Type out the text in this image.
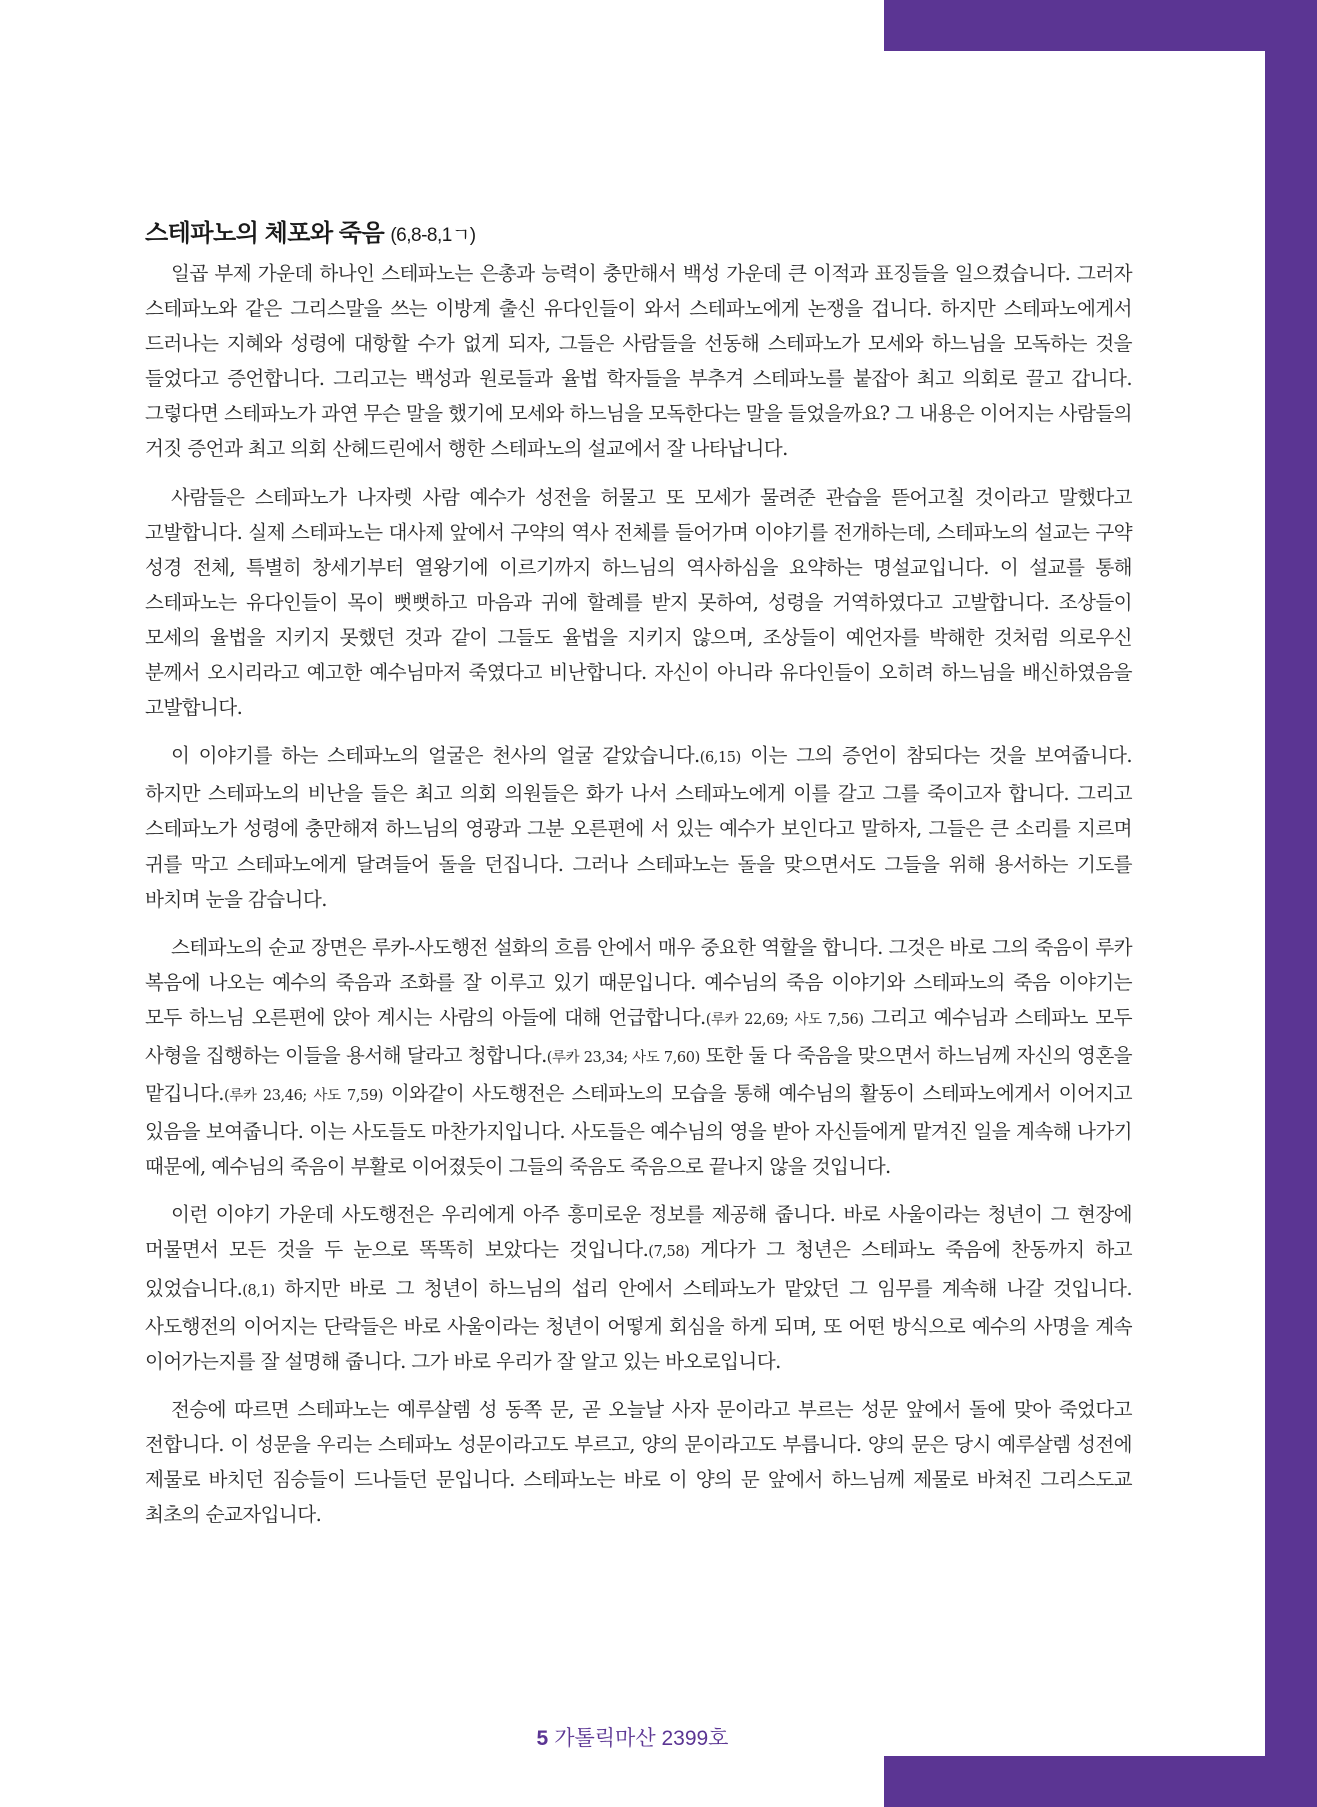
스테파노의 체포와 죽음 (6,8-8,1ㄱ)

일곱 부제 가운데 하나인 스테파노는 은총과 능력이 충만해서 백성 가운데 큰 이적과 표징들을 일으켰습니다. 그러자 스테파노와 같은 그리스말을 쓰는 이방계 출신 유다인들이 와서 스테파노에게 논쟁을 겁니다. 하지만 스테파노에게서 드러나는 지혜와 성령에 대항할 수가 없게 되자, 그들은 사람들을 선동해 스테파노가 모세와 하느님을 모독하는 것을 들었다고 증언합니다. 그리고는 백성과 원로들과 율법 학자들을 부추겨 스테파노를 붙잡아 최고 의회로 끌고 갑니다. 그렇다면 스테파노가 과연 무슨 말을 했기에 모세와 하느님을 모독한다는 말을 들었을까요? 그 내용은 이어지는 사람들의 거짓 증언과 최고 의회 산헤드린에서 행한 스테파노의 설교에서 잘 나타납니다.

사람들은 스테파노가 나자렛 사람 예수가 성전을 허물고 또 모세가 물려준 관습을 뜯어고칠 것이라고 말했다고 고발합니다. 실제 스테파노는 대사제 앞에서 구약의 역사 전체를 들어가며 이야기를 전개하는데, 스테파노의 설교는 구약 성경 전체, 특별히 창세기부터 열왕기에 이르기까지 하느님의 역사하심을 요약하는 명설교입니다. 이 설교를 통해 스테파노는 유다인들이 목이 뻣뻣하고 마음과 귀에 할례를 받지 못하여, 성령을 거역하였다고 고발합니다. 조상들이 모세의 율법을 지키지 못했던 것과 같이 그들도 율법을 지키지 않으며, 조상들이 예언자를 박해한 것처럼 의로우신 분께서 오시리라고 예고한 예수님마저 죽였다고 비난합니다. 자신이 아니라 유다인들이 오히려 하느님을 배신하였음을 고발합니다.

이 이야기를 하는 스테파노의 얼굴은 천사의 얼굴 같았습니다.(6,15) 이는 그의 증언이 참되다는 것을 보여줍니다. 하지만 스테파노의 비난을 들은 최고 의회 의원들은 화가 나서 스테파노에게 이를 갈고 그를 죽이고자 합니다. 그리고 스테파노가 성령에 충만해져 하느님의 영광과 그분 오른편에 서 있는 예수가 보인다고 말하자, 그들은 큰 소리를 지르며 귀를 막고 스테파노에게 달려들어 돌을 던집니다. 그러나 스테파노는 돌을 맞으면서도 그들을 위해 용서하는 기도를 바치며 눈을 감습니다.

스테파노의 순교 장면은 루카-사도행전 설화의 흐름 안에서 매우 중요한 역할을 합니다. 그것은 바로 그의 죽음이 루카 복음에 나오는 예수의 죽음과 조화를 잘 이루고 있기 때문입니다. 예수님의 죽음 이야기와 스테파노의 죽음 이야기는 모두 하느님 오른편에 앉아 계시는 사람의 아들에 대해 언급합니다.(루카 22,69; 사도 7,56) 그리고 예수님과 스테파노 모두 사형을 집행하는 이들을 용서해 달라고 청합니다.(루카 23,34; 사도 7,60) 또한 둘 다 죽음을 맞으면서 하느님께 자신의 영혼을 맡깁니다.(루카 23,46; 사도 7,59) 이와같이 사도행전은 스테파노의 모습을 통해 예수님의 활동이 스테파노에게서 이어지고 있음을 보여줍니다. 이는 사도들도 마찬가지입니다. 사도들은 예수님의 영을 받아 자신들에게 맡겨진 일을 계속해 나가기 때문에, 예수님의 죽음이 부활로 이어졌듯이 그들의 죽음도 죽음으로 끝나지 않을 것입니다.

이런 이야기 가운데 사도행전은 우리에게 아주 흥미로운 정보를 제공해 줍니다. 바로 사울이라는 청년이 그 현장에 머물면서 모든 것을 두 눈으로 똑똑히 보았다는 것입니다.(7,58) 게다가 그 청년은 스테파노 죽음에 찬동까지 하고 있었습니다.(8,1) 하지만 바로 그 청년이 하느님의 섭리 안에서 스테파노가 맡았던 그 임무를 계속해 나갈 것입니다. 사도행전의 이어지는 단락들은 바로 사울이라는 청년이 어떻게 회심을 하게 되며, 또 어떤 방식으로 예수의 사명을 계속 이어가는지를 잘 설명해 줍니다. 그가 바로 우리가 잘 알고 있는 바오로입니다.

전승에 따르면 스테파노는 예루살렘 성 동쪽 문, 곧 오늘날 사자 문이라고 부르는 성문 앞에서 돌에 맞아 죽었다고 전합니다. 이 성문을 우리는 스테파노 성문이라고도 부르고, 양의 문이라고도 부릅니다. 양의 문은 당시 예루살렘 성전에 제물로 바치던 짐승들이 드나들던 문입니다. 스테파노는 바로 이 양의 문 앞에서 하느님께 제물로 바쳐진 그리스도교 최초의 순교자입니다.

5 가톨릭마산 2399호
